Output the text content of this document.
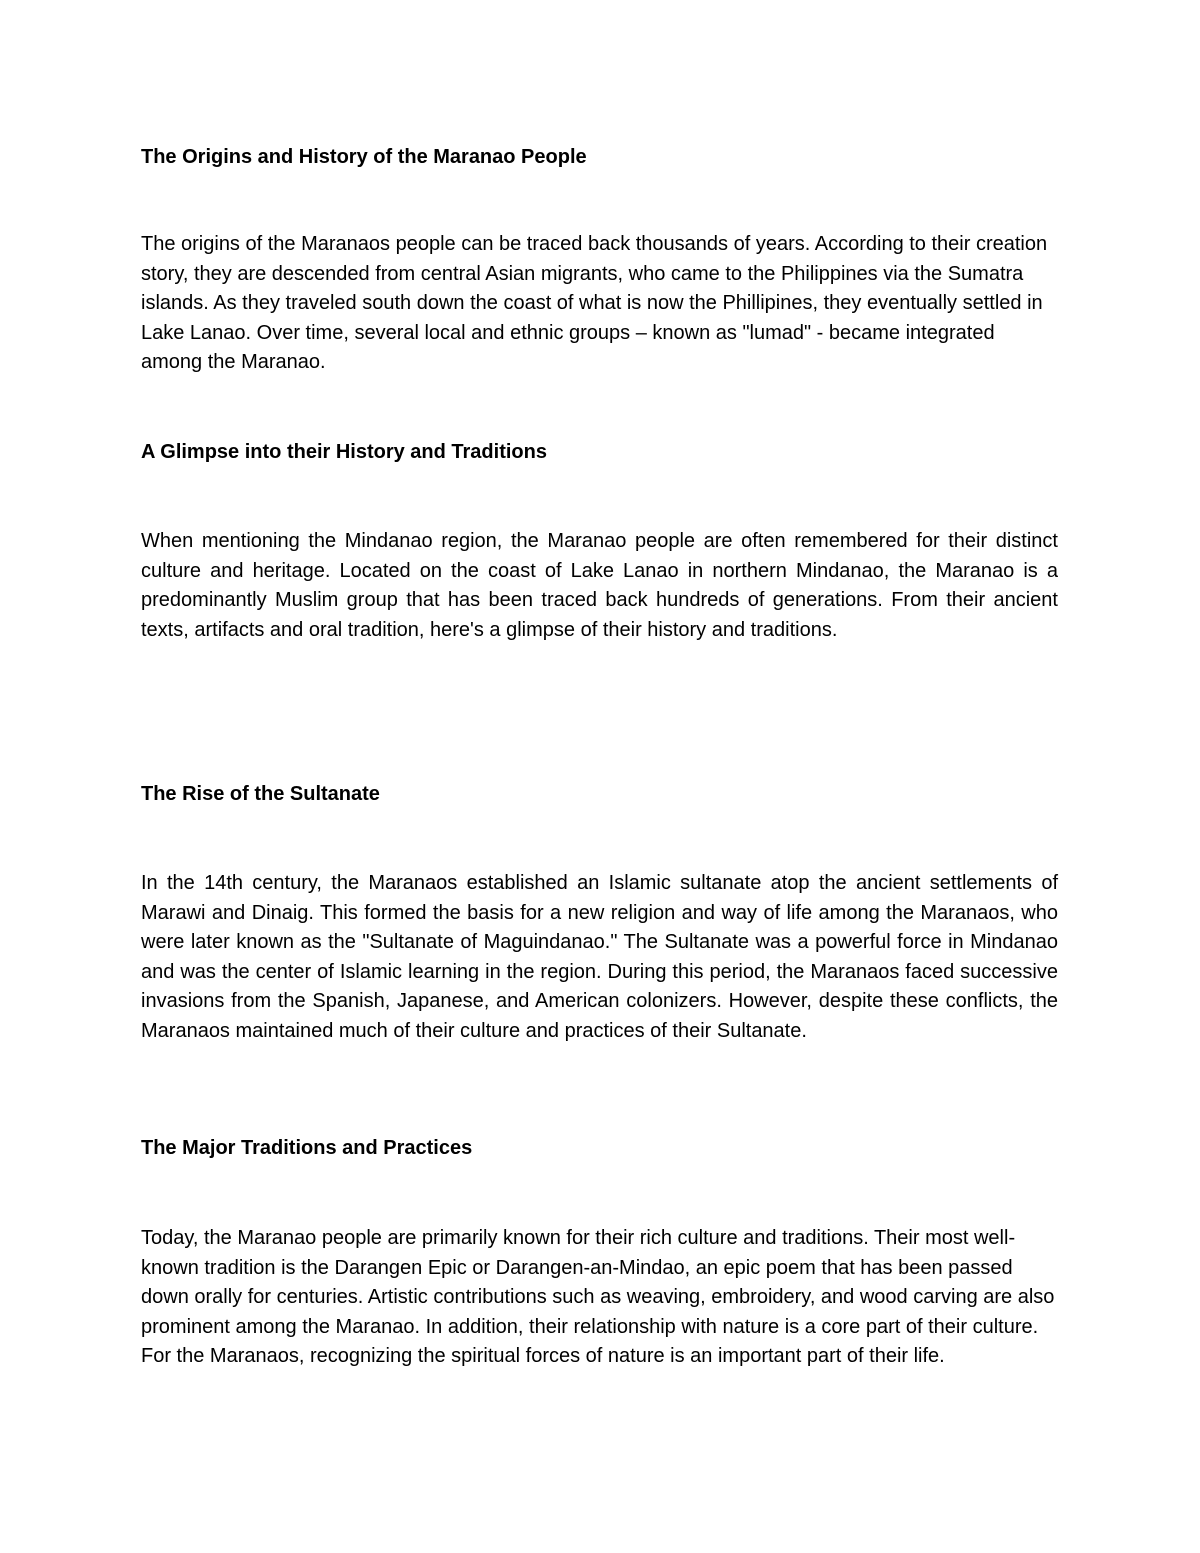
The Origins and History of the Maranao People

The origins of the Maranaos people can be traced back thousands of years. According to their creation story, they are descended from central Asian migrants, who came to the Philippines via the Sumatra islands. As they traveled south down the coast of what is now the Phillipines, they eventually settled in Lake Lanao. Over time, several local and ethnic groups – known as "lumad" - became integrated among the Maranao.

A Glimpse into their History and Traditions

When mentioning the Mindanao region, the Maranao people are often remembered for their distinct culture and heritage. Located on the coast of Lake Lanao in northern Mindanao, the Maranao is a predominantly Muslim group that has been traced back hundreds of generations. From their ancient texts, artifacts and oral tradition, here's a glimpse of their history and traditions.

The Rise of the Sultanate

In the 14th century, the Maranaos established an Islamic sultanate atop the ancient settlements of Marawi and Dinaig. This formed the basis for a new religion and way of life among the Maranaos, who were later known as the "Sultanate of Maguindanao." The Sultanate was a powerful force in Mindanao and was the center of Islamic learning in the region. During this period, the Maranaos faced successive invasions from the Spanish, Japanese, and American colonizers. However, despite these conflicts, the Maranaos maintained much of their culture and practices of their Sultanate.

The Major Traditions and Practices

Today, the Maranao people are primarily known for their rich culture and traditions. Their most well-known tradition is the Darangen Epic or Darangen-an-Mindao, an epic poem that has been passed down orally for centuries. Artistic contributions such as weaving, embroidery, and wood carving are also prominent among the Maranao. In addition, their relationship with nature is a core part of their culture. For the Maranaos, recognizing the spiritual forces of nature is an important part of their life.
